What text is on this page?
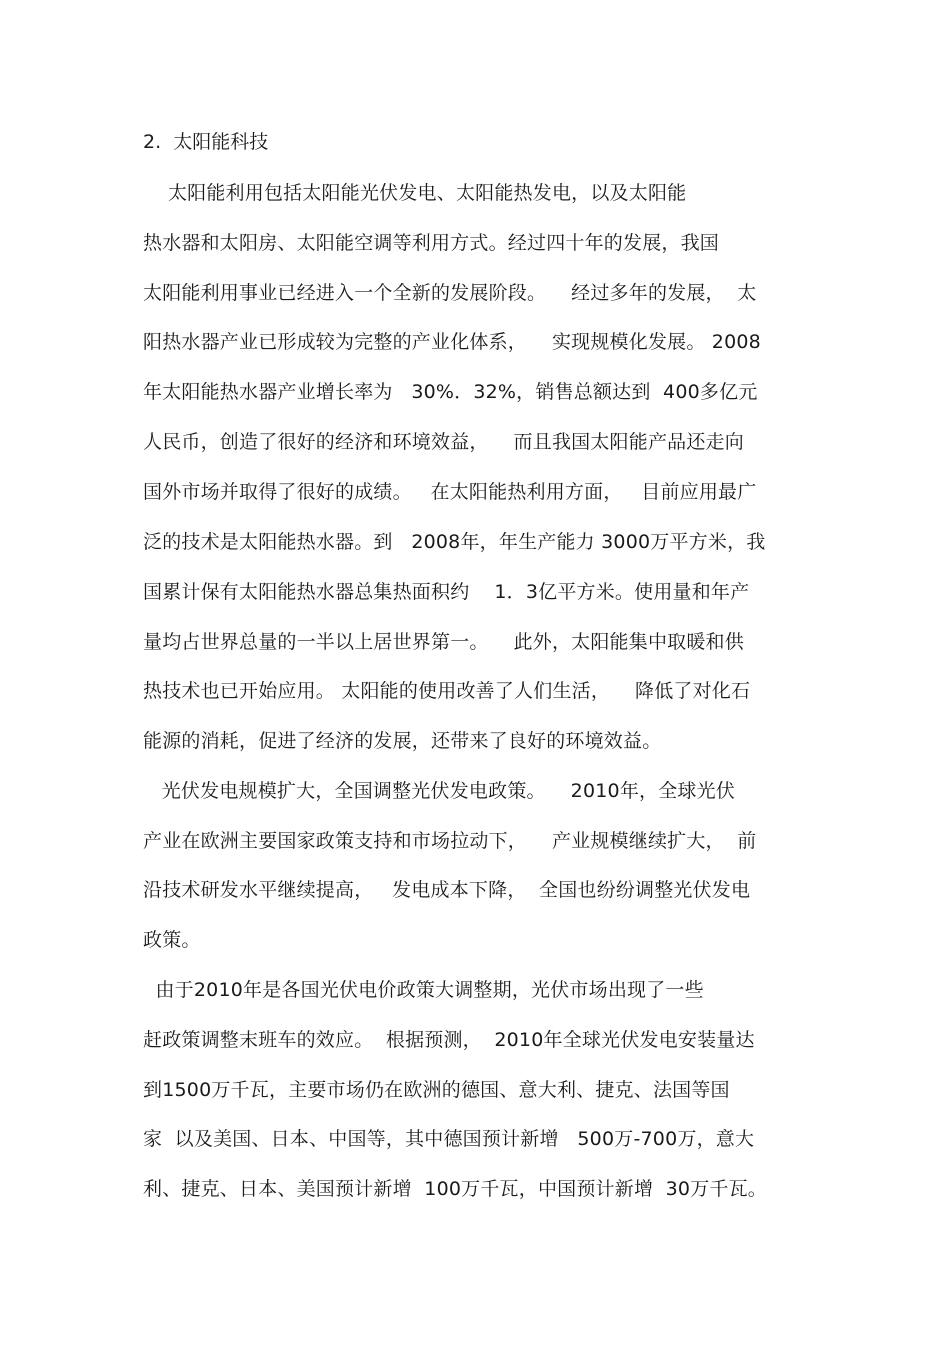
2.  太阳能科技
太阳能利用包括太阳能光伏发电、太阳能热发电，以及太阳能
热水器和太阳房、太阳能空调等利用方式。经过四十年的发展，我国
太阳能利用事业已经进入一个全新的发展阶段。    经过多年的发展，  太
阳热水器产业已形成较为完整的产业化体系，    实现规模化发展。 2008
年太阳能热水器产业增长率为   30%．32%，销售总额达到  400多亿元
人民币，创造了很好的经济和环境效益，    而且我国太阳能产品还走向
国外市场并取得了很好的成绩。   在太阳能热利用方面，   目前应用最广
泛的技术是太阳能热水器。到   2008年，年生产能力 3000万平方米，我
国累计保有太阳能热水器总集热面积约    1．3亿平方米。使用量和年产
量均占世界总量的一半以上居世界第一。    此外，太阳能集中取暖和供
热技术也已开始应用。 太阳能的使用改善了人们生活，    降低了对化石
能源的消耗，促进了经济的发展，还带来了良好的环境效益。
光伏发电规模扩大，全国调整光伏发电政策。    2010年，全球光伏
产业在欧洲主要国家政策支持和市场拉动下，    产业规模继续扩大，  前
沿技术研发水平继续提高，   发电成本下降，  全国也纷纷调整光伏发电
政策。
由于2010年是各国光伏电价政策大调整期，光伏市场出现了一些
赶政策调整末班车的效应。  根据预测，  2010年全球光伏发电安装量达
到1500万千瓦，主要市场仍在欧洲的德国、意大利、捷克、法国等国
家  以及美国、日本、中国等，其中德国预计新增   500万-700万，意大
利、捷克、日本、美国预计新增  100万千瓦，中国预计新增  30万千瓦。
